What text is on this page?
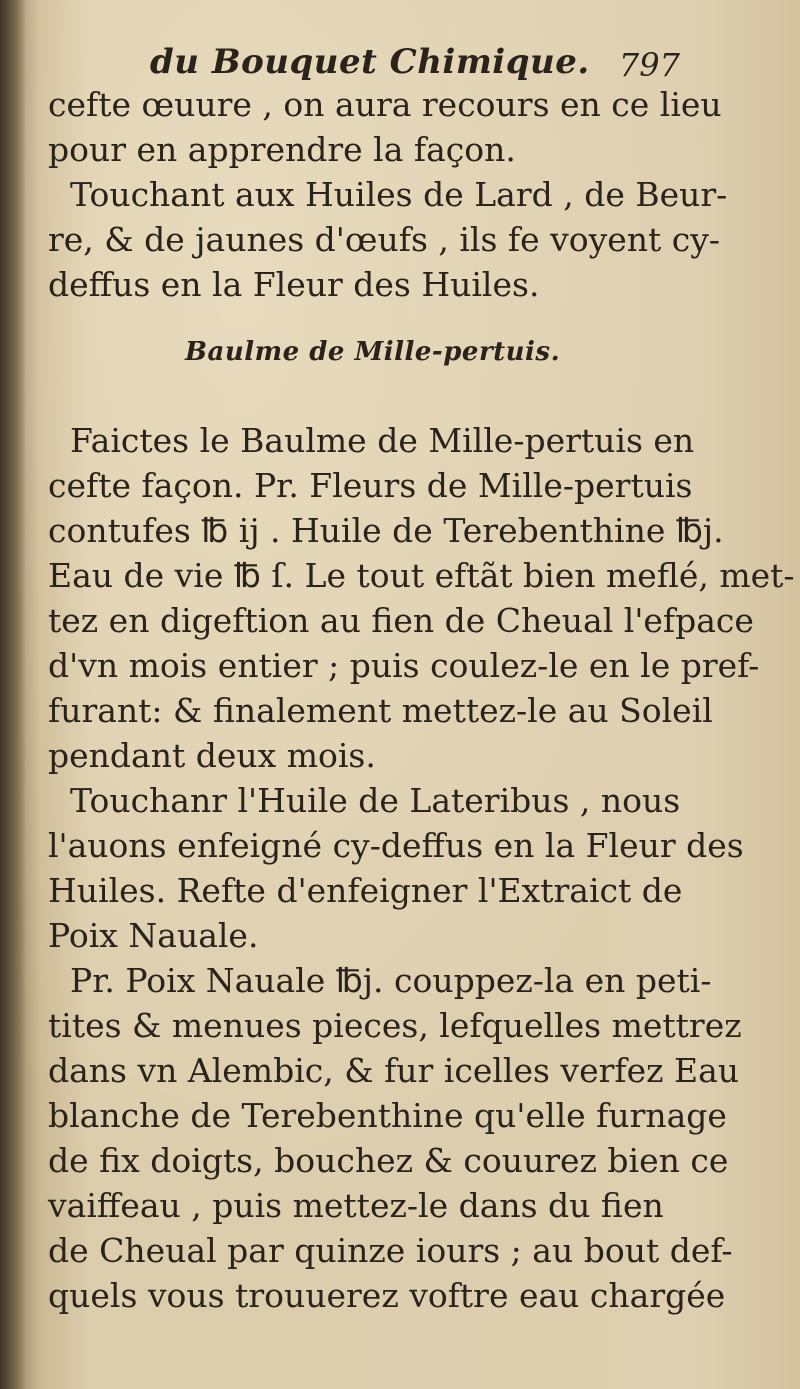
du Bouquet Chimique. 797
cefte œuure , on aura recours en ce lieu
pour en apprendre la façon.
Touchant aux Huiles de Lard , de Beur-
re, & de jaunes d'œufs , ils fe voyent cy-
deffus en la Fleur des Huiles.
Baulme de Mille-pertuis.
Faictes le Baulme de Mille-pertuis en
cefte façon. Pr. Fleurs de Mille-pertuis
contufes ℔ ij . Huile de Terebenthine ℔j.
Eau de vie ℔ ſ. Le tout eftãt bien meflé, met-
tez en digeftion au fien de Cheual l'efpace
d'vn mois entier ; puis coulez-le en le pref-
furant: & finalement mettez-le au Soleil
pendant deux mois.
Touchanr l'Huile de Lateribus , nous
l'auons enfeigné cy-deffus en la Fleur des
Huiles. Refte d'enfeigner l'Extraict de
Poix Nauale.
Pr. Poix Nauale ℔j. couppez-la en peti-
tites & menues pieces, lefquelles mettrez
dans vn Alembic, & fur icelles verfez Eau
blanche de Terebenthine qu'elle furnage
de fix doigts, bouchez & couurez bien ce
vaiffeau , puis mettez-le dans du fien
de Cheual par quinze iours ; au bout def-
quels vous trouuerez voftre eau chargée
